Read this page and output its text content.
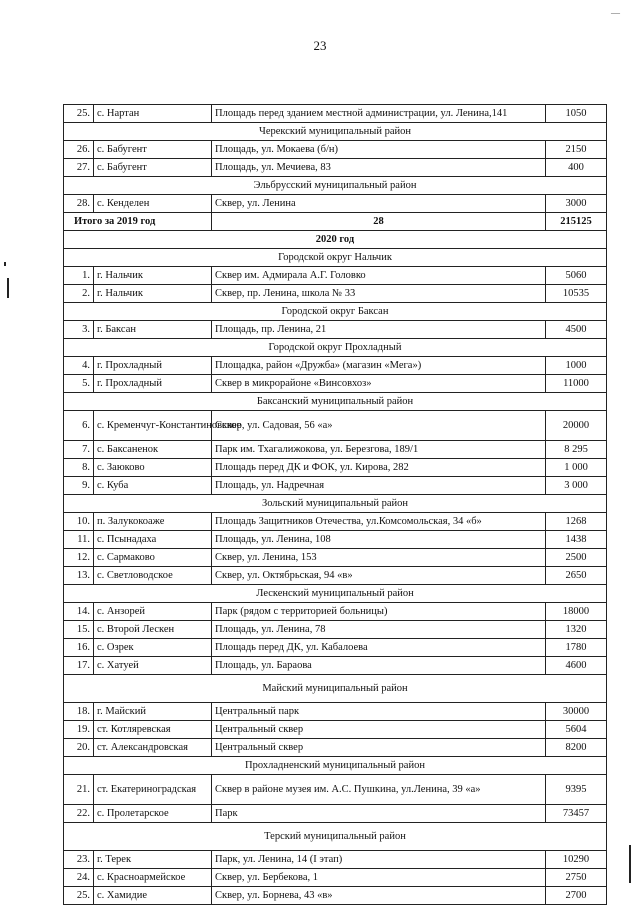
—
23
25.	с. Нартан	Площадь перед зданием местной администрации, ул. Ленина,141	1050
Черекский муниципальный район			
26.	с. Бабугент	Площадь, ул. Мокаева (б/н)	2150
27.	с. Бабугент	Площадь, ул. Мечиева, 83	400
Эльбрусский муниципальный район			
28.	с. Кенделен	Сквер, ул. Ленина	3000
Итого за 2019 год		28	215125
2020 год			
Городской округ Нальчик			
1.	г. Нальчик	Сквер им. Адмирала А.Г. Головко	5060
2.	г. Нальчик	Сквер, пр. Ленина, школа № 33	10535
Городской округ Баксан			
3.	г. Баксан	Площадь, пр. Ленина, 21	4500
Городской округ Прохладный			
4.	г. Прохладный	Площадка, район «Дружба» (магазин «Мега»)	1000
5.	г. Прохладный	Сквер в микрорайоне «Винсовхоз»	11000
Баксанский муниципальный район			
6.	с. Кременчуг-Константиновское	Сквер, ул. Садовая, 56 «а»	20000
7.	с. Баксаненок	Парк им. Тхагалижокова, ул. Березгова, 189/1	8 295
8.	с. Заюково	Площадь перед ДК и ФОК, ул. Кирова, 282	1 000
9.	с. Куба	Площадь, ул. Надречная	3 000
Зольский муниципальный район			
10.	п. Залукокоаже	Площадь Защитников Отечества, ул.Комсомольская, 34 «б»	1268
11.	с. Псынадаха	Площадь, ул. Ленина, 108	1438
12.	с. Сармаково	Сквер, ул. Ленина, 153	2500
13.	с. Светловодское	Сквер, ул. Октябрьская, 94 «в»	2650
Лескенский муниципальный район			
14.	с. Анзорей	Парк (рядом с территорией больницы)	18000
15.	с. Второй Лескен	Площадь, ул. Ленина, 78	1320
16.	с. Озрек	Площадь перед ДК, ул. Кабалоева	1780
17.	с. Хатуей	Площадь, ул. Бараова	4600
Майский муниципальный район			
18.	г. Майский	Центральный парк	30000
19.	ст. Котляревская	Центральный сквер	5604
20.	ст. Александровская	Центральный сквер	8200
Прохладненский муниципальный район			
21.	ст. Екатериноградская	Сквер в районе музея им. А.С. Пушкина, ул.Ленина, 39 «а»	9395
22.	с. Пролетарское	Парк	73457
Терский муниципальный район			
23.	г. Терек	Парк, ул. Ленина, 14 (I этап)	10290
24.	с. Красноармейское	Сквер, ул. Бербекова, 1	2750
25.	с. Хамидие	Сквер, ул. Борнева, 43 «в»	2700
